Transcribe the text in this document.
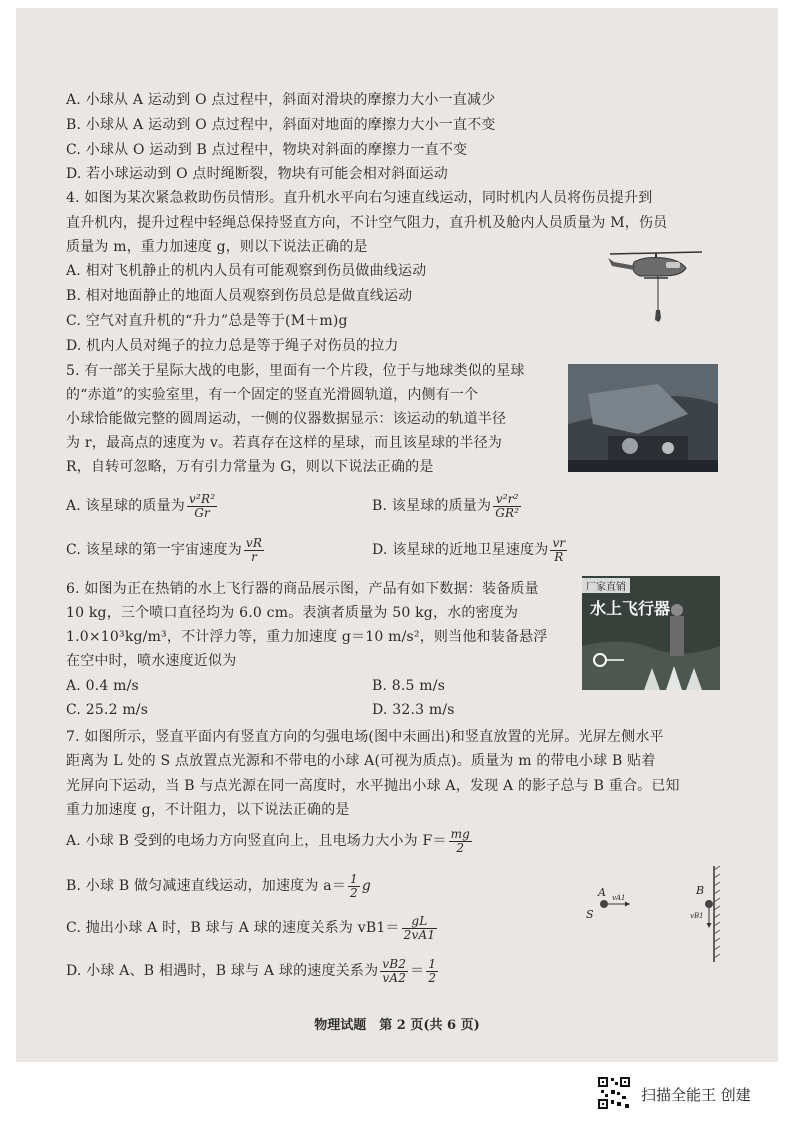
A. 小球从 A 运动到 O 点过程中，斜面对滑块的摩擦力大小一直减少
B. 小球从 A 运动到 O 点过程中，斜面对地面的摩擦力大小一直不变
C. 小球从 O 运动到 B 点过程中，物块对斜面的摩擦力一直不变
D. 若小球运动到 O 点时绳断裂，物块有可能会相对斜面运动
4. 如图为某次紧急救助伤员情形。直升机水平向右匀速直线运动，同时机内人员将伤员提升到
直升机内，提升过程中轻绳总保持竖直方向，不计空气阻力，直升机及舱内人员质量为 M，伤员
质量为 m，重力加速度 g，则以下说法正确的是
A. 相对飞机静止的机内人员有可能观察到伤员做曲线运动
B. 相对地面静止的地面人员观察到伤员总是做直线运动
C. 空气对直升机的“升力”总是等于(M＋m)g
D. 机内人员对绳子的拉力总是等于绳子对伤员的拉力
5. 有一部关于星际大战的电影，里面有一个片段，位于与地球类似的星球
的“赤道”的实验室里，有一个固定的竖直光滑圆轨道，内侧有一个
小球恰能做完整的圆周运动，一侧的仪器数据显示：该运动的轨道半径
为 r，最高点的速度为 v。若真存在这样的星球，而且该星球的半径为
R，自转可忽略，万有引力常量为 G，则以下说法正确的是
A. 该星球的质量为 $\frac{\text{v²R²}}{Gr}$	B. 该星球的质量为 $\frac{\text{v²r²}}{\text{GR²}}$
C. 该星球的第一宇宙速度为 $\frac{vR}{r}$	D. 该星球的近地卫星速度为 $\frac{vr}{R}$
6. 如图为正在热销的水上飞行器的商品展示图，产品有如下数据：装备质量
10 kg，三个喷口直径均为 6.0 cm。表演者质量为 50 kg，水的密度为
1.0×10³kg/m³，不计浮力等，重力加速度 g＝10 m/s²，则当他和装备悬浮
在空中时，喷水速度近似为
A. 0.4 m/s	B. 8.5 m/s
C. 25.2 m/s	D. 32.3 m/s
厂家直销
水上飞行器
7. 如图所示，竖直平面内有竖直方向的匀强电场(图中未画出)和竖直放置的光屏。光屏左侧水平
距离为 L 处的 S 点放置点光源和不带电的小球 A(可视为质点)。质量为 m 的带电小球 B 贴着
光屏向下运动，当 B 与点光源在同一高度时，水平抛出小球 A，发现 A 的影子总与 B 重合。已知
重力加速度 g，不计阻力，以下说法正确的是
A. 小球 B 受到的电场力方向竖直向上，且电场力大小为 $F= \frac{mg}{2}$
B. 小球 B 做匀减速直线运动，加速度为 $a= \frac{1}{2}$ g
C. 抛出小球 A 时，B 球与 A 球的速度关系为 $vB1= \frac{gL}{2vA1}$
D. 小球 A、B 相遇时，B 球与 A 球的速度关系为 $\frac{vB2}{vA2} = \frac{1}{2}$
A vA1
S
B
vB1
物理试题　第 2 页(共 6 页)
扫描全能王 创建
